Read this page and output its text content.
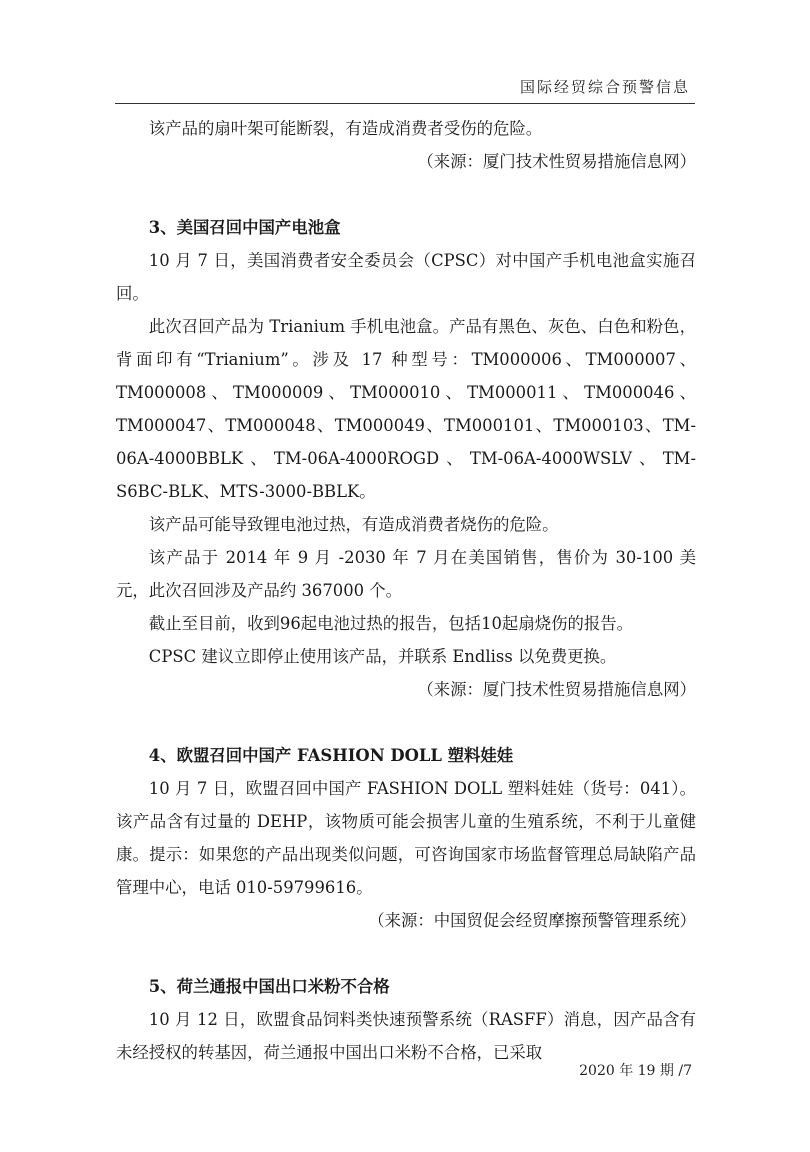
国际经贸综合预警信息

该产品的扇叶架可能断裂，有造成消费者受伤的危险。

（来源：厦门技术性贸易措施信息网）

3、美国召回中国产电池盒

10 月 7 日，美国消费者安全委员会（CPSC）对中国产手机电池盒实施召回。

此次召回产品为 Trianium 手机电池盒。产品有黑色、灰色、白色和粉色，背面印有“Trianium”。涉及 17 种型号：TM000006、TM000007、TM000008、TM000009、TM000010、TM000011、TM000046、TM000047、TM000048、TM000049、TM000101、TM000103、TM-06A-4000BBLK、TM-06A-4000ROGD、TM-06A-4000WSLV、TM-S6BC-BLK、MTS-3000-BBLK。

该产品可能导致锂电池过热，有造成消费者烧伤的危险。

该产品于 2014 年 9 月 -2030 年 7 月在美国销售，售价为 30-100 美元，此次召回涉及产品约 367000 个。

截止至目前，收到96起电池过热的报告，包括10起扇烧伤的报告。

CPSC 建议立即停止使用该产品，并联系 Endliss 以免费更换。

（来源：厦门技术性贸易措施信息网）

4、欧盟召回中国产 FASHION DOLL 塑料娃娃

10 月 7 日，欧盟召回中国产 FASHION DOLL 塑料娃娃（货号：041）。该产品含有过量的 DEHP，该物质可能会损害儿童的生殖系统，不利于儿童健康。提示：如果您的产品出现类似问题，可咨询国家市场监督管理总局缺陷产品管理中心，电话 010-59799616。

（来源：中国贸促会经贸摩擦预警管理系统）

5、荷兰通报中国出口米粉不合格

10 月 12 日，欧盟食品饲料类快速预警系统（RASFF）消息，因产品含有未经授权的转基因，荷兰通报中国出口米粉不合格，已采取

2020 年 19 期 /7
